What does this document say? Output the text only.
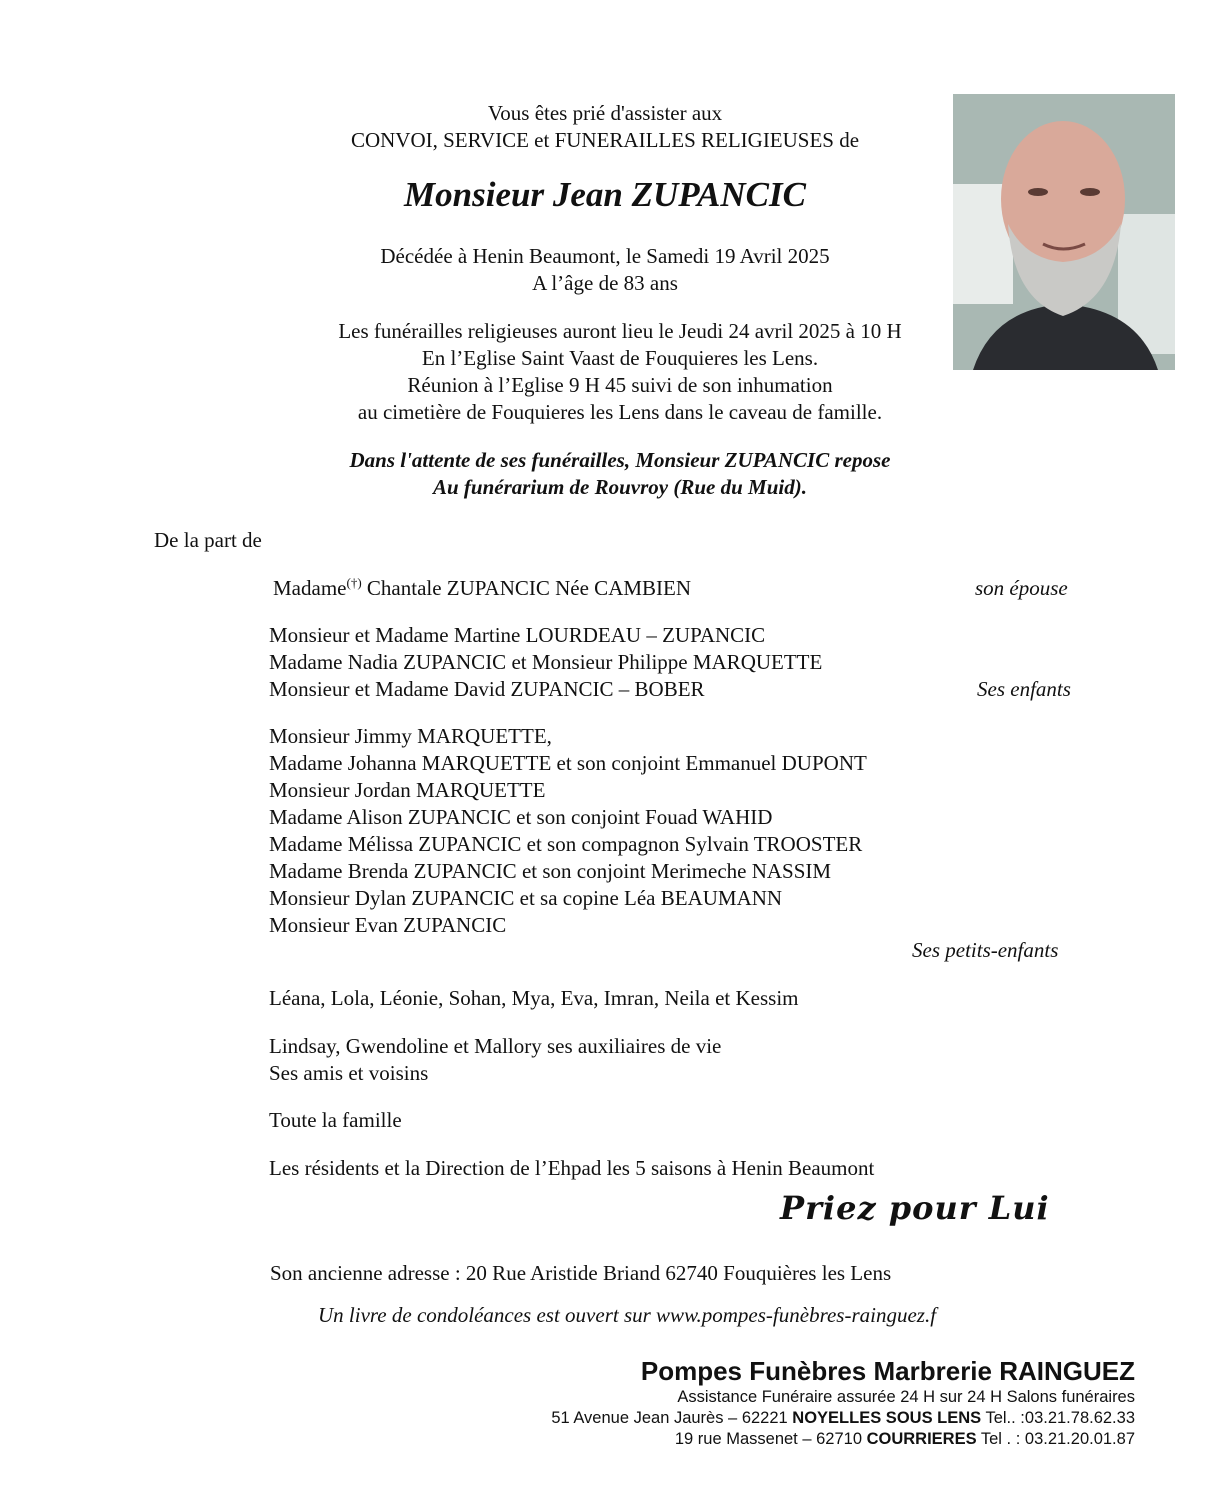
Vous êtes prié d'assister aux
CONVOI, SERVICE et FUNERAILLES RELIGIEUSES de
Monsieur Jean ZUPANCIC
Décédée à Henin Beaumont, le Samedi 19 Avril 2025
A l’âge de 83 ans
Les funérailles religieuses auront lieu le Jeudi 24 avril 2025 à 10 H
En l’Eglise Saint Vaast de Fouquieres les Lens.
Réunion à l’Eglise 9 H 45 suivi de son inhumation
au cimetière de Fouquieres les Lens dans le caveau de famille.
Dans l'attente de ses funérailles, Monsieur ZUPANCIC repose
Au funérarium de Rouvroy (Rue du Muid).
De la part de
Madame(†) Chantale ZUPANCIC Née CAMBIEN	son épouse
Monsieur et Madame Martine LOURDEAU – ZUPANCIC
Madame Nadia ZUPANCIC et Monsieur Philippe MARQUETTE
Monsieur et Madame David ZUPANCIC – BOBER	Ses enfants
Monsieur Jimmy MARQUETTE,
Madame Johanna MARQUETTE et son conjoint Emmanuel DUPONT
Monsieur Jordan MARQUETTE
Madame Alison ZUPANCIC et son conjoint Fouad WAHID
Madame Mélissa ZUPANCIC et son compagnon Sylvain TROOSTER
Madame Brenda ZUPANCIC et son conjoint Merimeche NASSIM
Monsieur Dylan ZUPANCIC et sa copine Léa BEAUMANN
Monsieur Evan ZUPANCIC
Ses petits-enfants
Léana, Lola, Léonie, Sohan, Mya, Eva, Imran, Neila et Kessim
Lindsay, Gwendoline et Mallory ses auxiliaires de vie
Ses amis et voisins
Toute la famille
Les résidents et la Direction de l’Ehpad les 5 saisons à Henin Beaumont
Priez pour Lui
Son ancienne adresse : 20 Rue Aristide Briand 62740 Fouquières les Lens
Un livre de condoléances est ouvert sur www.pompes-funèbres-rainguez.f
Pompes Funèbres Marbrerie RAINGUEZ
Assistance Funéraire assurée 24 H sur 24 H Salons funéraires
51 Avenue Jean Jaurès – 62221 NOYELLES SOUS LENS Tel.. :03.21.78.62.33
19 rue Massenet – 62710 COURRIERES Tel . : 03.21.20.01.87
